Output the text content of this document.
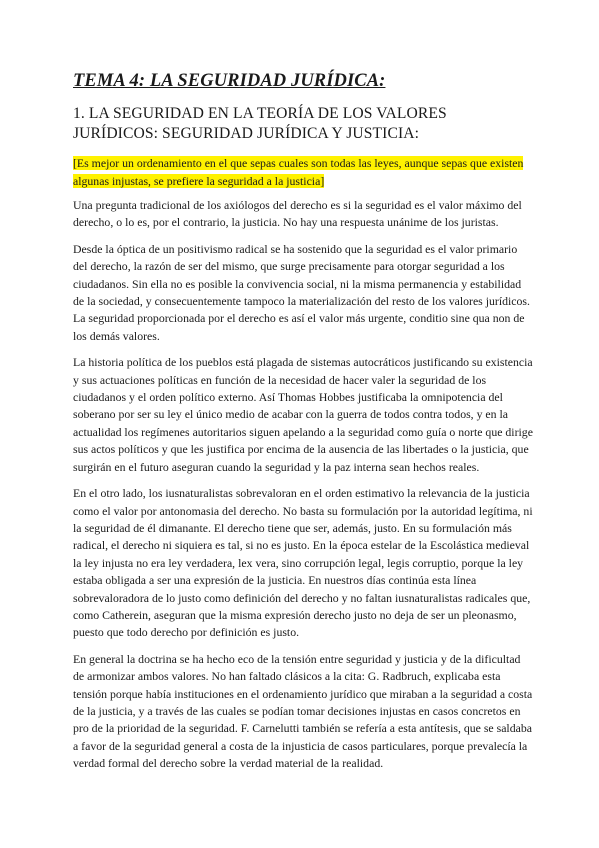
TEMA 4: LA SEGURIDAD JURÍDICA:
1. LA SEGURIDAD EN LA TEORÍA DE LOS VALORES JURÍDICOS: SEGURIDAD JURÍDICA Y JUSTICIA:
[Es mejor un ordenamiento en el que sepas cuales son todas las leyes, aunque sepas que existen algunas injustas, se prefiere la seguridad a la justicia]

Una pregunta tradicional de los axiólogos del derecho es si la seguridad es el valor máximo del derecho, o lo es, por el contrario, la justicia. No hay una respuesta unánime de los juristas.

Desde la óptica de un positivismo radical se ha sostenido que la seguridad es el valor primario del derecho, la razón de ser del mismo, que surge precisamente para otorgar seguridad a los ciudadanos. Sin ella no es posible la convivencia social, ni la misma permanencia y estabilidad de la sociedad, y consecuentemente tampoco la materialización del resto de los valores jurídicos. La seguridad proporcionada por el derecho es así el valor más urgente, conditio sine qua non de los demás valores.

La historia política de los pueblos está plagada de sistemas autocráticos justificando su existencia y sus actuaciones políticas en función de la necesidad de hacer valer la seguridad de los ciudadanos y el orden político externo. Así Thomas Hobbes justificaba la omnipotencia del soberano por ser su ley el único medio de acabar con la guerra de todos contra todos, y en la actualidad los regímenes autoritarios siguen apelando a la seguridad como guía o norte que dirige sus actos políticos y que les justifica por encima de la ausencia de las libertades o la justicia, que surgirán en el futuro aseguran cuando la seguridad y la paz interna sean hechos reales.

En el otro lado, los iusnaturalistas sobrevaloran en el orden estimativo la relevancia de la justicia como el valor por antonomasia del derecho. No basta su formulación por la autoridad legítima, ni la seguridad de él dimanante. El derecho tiene que ser, además, justo. En su formulación más radical, el derecho ni siquiera es tal, si no es justo. En la época estelar de la Escolástica medieval la ley injusta no era ley verdadera, lex vera, sino corrupción legal, legis corruptio, porque la ley estaba obligada a ser una expresión de la justicia. En nuestros días continúa esta línea sobrevaloradora de lo justo como definición del derecho y no faltan iusnaturalistas radicales que, como Catherein, aseguran que la misma expresión derecho justo no deja de ser un pleonasmo, puesto que todo derecho por definición es justo.

En general la doctrina se ha hecho eco de la tensión entre seguridad y justicia y de la dificultad de armonizar ambos valores. No han faltado clásicos a la cita: G. Radbruch, explicaba esta tensión porque había instituciones en el ordenamiento jurídico que miraban a la seguridad a costa de la justicia, y a través de las cuales se podían tomar decisiones injustas en casos concretos en pro de la prioridad de la seguridad. F. Carnelutti también se refería a esta antítesis, que se saldaba a favor de la seguridad general a costa de la injusticia de casos particulares, porque prevalecía la verdad formal del derecho sobre la verdad material de la realidad.
